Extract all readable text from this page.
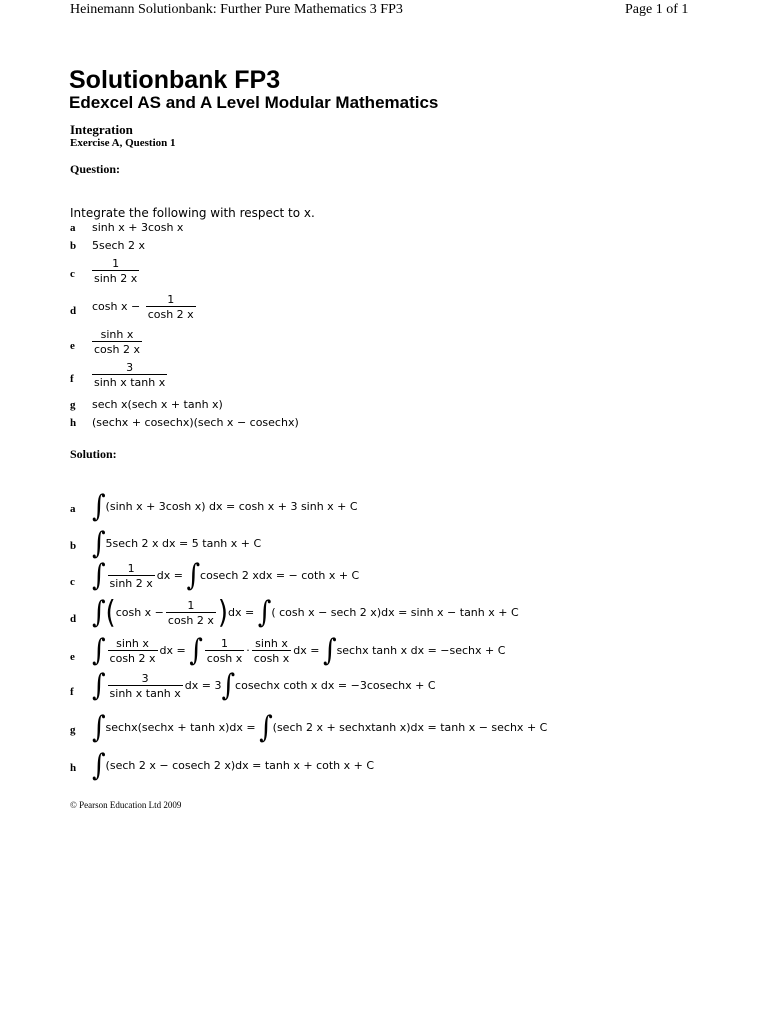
Heinemann Solutionbank: Further Pure Mathematics 3 FP3	Page 1 of 1
Solutionbank FP3
Edexcel AS and A Level Modular Mathematics
Integration
Exercise A, Question 1
Question:
Integrate the following with respect to x.
a sinh x + 3cosh x
b 5sech 2 x
c $\frac{1}{\sinh 2 x}$
d $\cosh x - \frac{1}{\cosh 2 x}$
e $\frac{\text{sinh x}}{\cosh 2 x}$
f $\frac{3}{\text{sinh x tanh x}}$
g sech x(sech x + tanh x)
h (sechx + cosechx)(sech x − cosechx)
Solution:
a ∫(sinh x + 3cosh x) dx = cosh x + 3 sinh x + C
b ∫5sech 2 x dx = 5 tanh x + C
c ∫ $\frac{1}{\sinh 2 x}$ dx = ∫cosech 2 xdx = − coth x + C
d ∫(cosh $x - \frac{1}{\cosh 2 x} )dx$ = ∫( cosh x − sech 2 x)dx = sinh x − tanh x + C
e ∫ $\frac{\text{sinh x}}{\cosh 2 x}$ dx = ∫ $\frac{1}{\text{cosh x}} \cdot \frac{\text{sinh x}}{\text{cosh x}}$ dx = ∫sechx tanh x dx = −sechx + C
f ∫ $\frac{3}{\text{sinh x tanh x}}$ dx = 3∫cosechx coth x dx = −3cosechx + C
g ∫sechx(sechx + tanh x)dx = ∫(sech 2 x + sechxtanh x)dx = tanh x − sechx + C
h ∫(sech 2 x − cosech 2 x)dx = tanh x + coth x + C
© Pearson Education Ltd 2009
